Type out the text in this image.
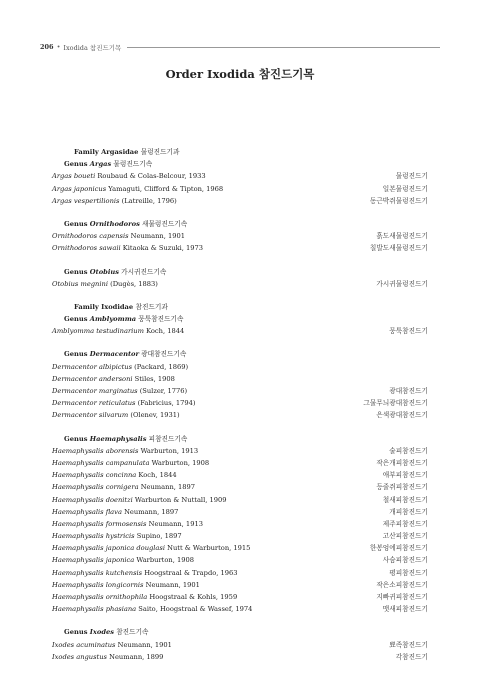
206 • Ixodida 참진드기목
Order Ixodida 참진드기목
Family Argasidae 물렁진드기과
Genus Argas 물렁진드기속
Argas boueti Roubaud & Colas-Belcour, 1933	물렁진드기
Argas japonicus Yamaguti, Clifford & Tipton, 1968	일본물렁진드기
Argas vespertilionis (Latreille, 1796)	동근박쥐물렁진드기
Genus Ornithodoros 새물렁진드기속
Ornithodoros capensis Neumann, 1901	흙도새물렁진드기
Ornithodoros sawaii Kitaoka & Suzuki, 1973	칠발도새물렁진드기
Genus Otobius 가시귀진드기속
Otobius megnini (Dugès, 1883)	가시귀물렁진드기
Family Ixodidae 참진드기과
Genus Amblyomma 뭉툭참진드기속
Amblyomma testudinarium Koch, 1844	뭉툭참진드기
Genus Dermacentor 광대참진드기속
Dermacentor albipictus (Packard, 1869)
Dermacentor andersoni Stiles, 1908
Dermacentor marginatus (Sulzer, 1776)	광대참진드기
Dermacentor reticulatus (Fabricius, 1794)	그물무늬광대참진드기
Dermacentor silvarum (Olenev, 1931)	은색광대참진드기
Genus Haemaphysalis 피참진드기속
Haemaphysalis aborensis Warburton, 1913	술피참진드기
Haemaphysalis campanulata Warburton, 1908	작은개피참진드기
Haemaphysalis concinna Koch, 1844	애부피참진드기
Haemaphysalis cornigera Neumann, 1897	등줄쥐피참진드기
Haemaphysalis doenitzi Warburton & Nuttall, 1909	철새피참진드기
Haemaphysalis flava Neumann, 1897	개피참진드기
Haemaphysalis formosensis Neumann, 1913	제주피참진드기
Haemaphysalis hystricis Supino, 1897	고산피참진드기
Haemaphysalis japonica douglasi Nutt & Warburton, 1915	한봉엉에피참진드기
Haemaphysalis japonica Warburton, 1908	사슴피참진드기
Haemaphysalis kutchensis Hoogstraal & Trapdo, 1963	평피참진드기
Haemaphysalis longicornis Neumann, 1901	작은소피참진드기
Haemaphysalis ornithophila Hoogstraal & Kohls, 1959	지빠귀피참진드기
Haemaphysalis phasiana Saito, Hoogstraal & Wassef, 1974	맷새피참진드기
Genus Ixodes 참진드기속
Ixodes acuminatus Neumann, 1901	뾰족참진드기
Ixodes angustus Neumann, 1899	각참진드기
